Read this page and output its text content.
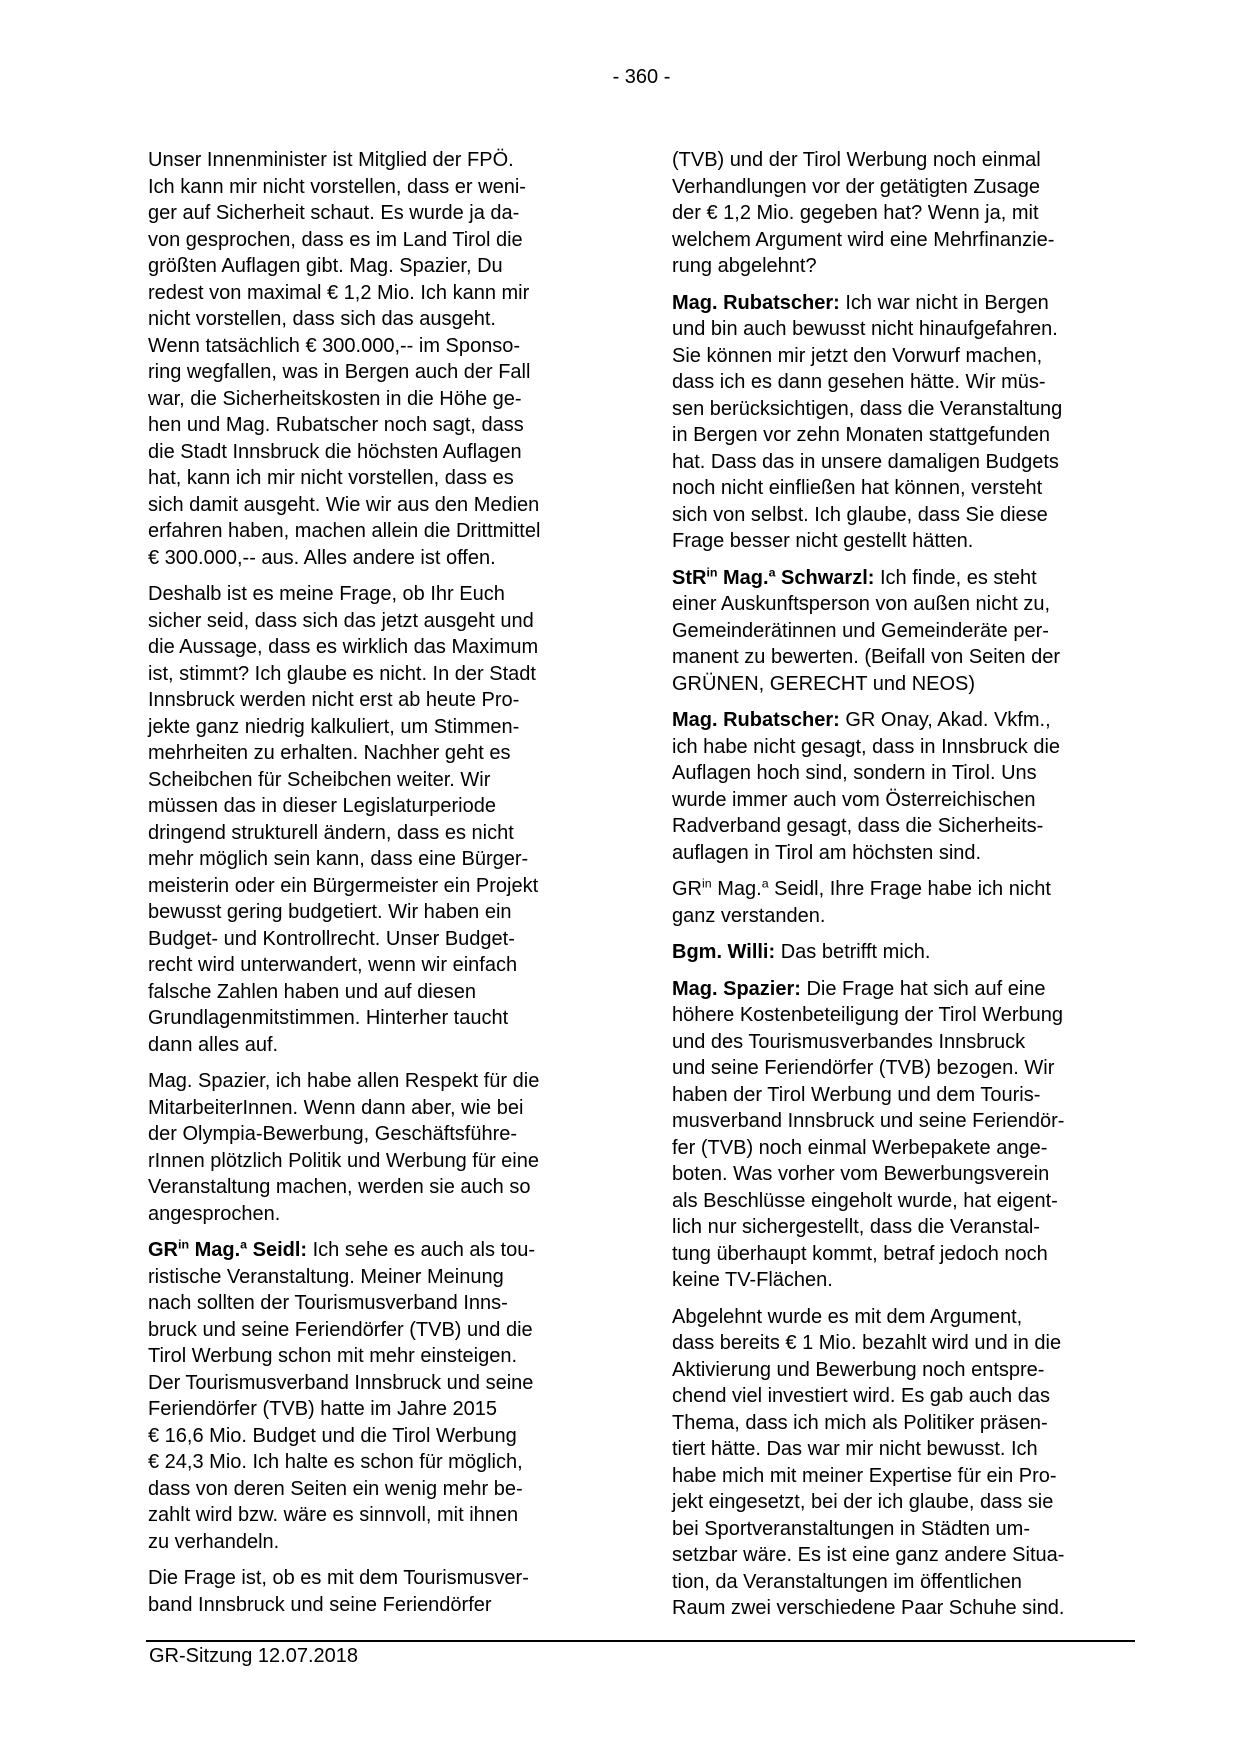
- 360 -
Unser Innenminister ist Mitglied der FPÖ.
Ich kann mir nicht vorstellen, dass er weni-
ger auf Sicherheit schaut. Es wurde ja da-
von gesprochen, dass es im Land Tirol die
größten Auflagen gibt. Mag. Spazier, Du
redest von maximal € 1,2 Mio. Ich kann mir
nicht vorstellen, dass sich das ausgeht.
Wenn tatsächlich € 300.000,-- im Sponso-
ring wegfallen, was in Bergen auch der Fall
war, die Sicherheitskosten in die Höhe ge-
hen und Mag. Rubatscher noch sagt, dass
die Stadt Innsbruck die höchsten Auflagen
hat, kann ich mir nicht vorstellen, dass es
sich damit ausgeht. Wie wir aus den Medien
erfahren haben, machen allein die Drittmittel
€ 300.000,-- aus. Alles andere ist offen.
Deshalb ist es meine Frage, ob Ihr Euch
sicher seid, dass sich das jetzt ausgeht und
die Aussage, dass es wirklich das Maximum
ist, stimmt? Ich glaube es nicht. In der Stadt
Innsbruck werden nicht erst ab heute Pro-
jekte ganz niedrig kalkuliert, um Stimmen-
mehrheiten zu erhalten. Nachher geht es
Scheibchen für Scheibchen weiter. Wir
müssen das in dieser Legislaturperiode
dringend strukturell ändern, dass es nicht
mehr möglich sein kann, dass eine Bürger-
meisterin oder ein Bürgermeister ein Projekt
bewusst gering budgetiert. Wir haben ein
Budget- und Kontrollrecht. Unser Budget-
recht wird unterwandert, wenn wir einfach
falsche Zahlen haben und auf diesen
Grundlagenmitstimmen. Hinterher taucht
dann alles auf.
Mag. Spazier, ich habe allen Respekt für die
MitarbeiterInnen. Wenn dann aber, wie bei
der Olympia-Bewerbung, Geschäftsführe-
rInnen plötzlich Politik und Werbung für eine
Veranstaltung machen, werden sie auch so
angesprochen.
$GR^{in}$ Mag.$^a$ Seidl: Ich sehe es auch als tou-
ristische Veranstaltung. Meiner Meinung
nach sollten der Tourismusverband Inns-
bruck und seine Feriendörfer (TVB) und die
Tirol Werbung schon mit mehr einsteigen.
Der Tourismusverband Innsbruck und seine
Feriendörfer (TVB) hatte im Jahre 2015
€ 16,6 Mio. Budget und die Tirol Werbung
€ 24,3 Mio. Ich halte es schon für möglich,
dass von deren Seiten ein wenig mehr be-
zahlt wird bzw. wäre es sinnvoll, mit ihnen
zu verhandeln.
Die Frage ist, ob es mit dem Tourismusver-
band Innsbruck und seine Feriendörfer
(TVB) und der Tirol Werbung noch einmal
Verhandlungen vor der getätigten Zusage
der € 1,2 Mio. gegeben hat? Wenn ja, mit
welchem Argument wird eine Mehrfinanzie-
rung abgelehnt?
Mag. Rubatscher: Ich war nicht in Bergen
und bin auch bewusst nicht hinaufgefahren.
Sie können mir jetzt den Vorwurf machen,
dass ich es dann gesehen hätte. Wir müs-
sen berücksichtigen, dass die Veranstaltung
in Bergen vor zehn Monaten stattgefunden
hat. Dass das in unsere damaligen Budgets
noch nicht einfließen hat können, versteht
sich von selbst. Ich glaube, dass Sie diese
Frage besser nicht gestellt hätten.
StR$^{in}$ Mag.$^a$ Schwarzl: Ich finde, es steht
einer Auskunftsperson von außen nicht zu,
Gemeinderätinnen und Gemeinderäte per-
manent zu bewerten. (Beifall von Seiten der
GRÜNEN, GERECHT und NEOS)
Mag. Rubatscher: GR Onay, Akad. Vkfm.,
ich habe nicht gesagt, dass in Innsbruck die
Auflagen hoch sind, sondern in Tirol. Uns
wurde immer auch vom Österreichischen
Radverband gesagt, dass die Sicherheits-
auflagen in Tirol am höchsten sind.
$GR^{in}$ Mag.$^a$ Seidl, Ihre Frage habe ich nicht
ganz verstanden.
Bgm. Willi: Das betrifft mich.
Mag. Spazier: Die Frage hat sich auf eine
höhere Kostenbeteiligung der Tirol Werbung
und des Tourismusverbandes Innsbruck
und seine Feriendörfer (TVB) bezogen. Wir
haben der Tirol Werbung und dem Touris-
musverband Innsbruck und seine Feriendör-
fer (TVB) noch einmal Werbepakete ange-
boten. Was vorher vom Bewerbungsverein
als Beschlüsse eingeholt wurde, hat eigent-
lich nur sichergestellt, dass die Veranstal-
tung überhaupt kommt, betraf jedoch noch
keine TV-Flächen.
Abgelehnt wurde es mit dem Argument,
dass bereits € 1 Mio. bezahlt wird und in die
Aktivierung und Bewerbung noch entspre-
chend viel investiert wird. Es gab auch das
Thema, dass ich mich als Politiker präsen-
tiert hätte. Das war mir nicht bewusst. Ich
habe mich mit meiner Expertise für ein Pro-
jekt eingesetzt, bei der ich glaube, dass sie
bei Sportveranstaltungen in Städten um-
setzbar wäre. Es ist eine ganz andere Situa-
tion, da Veranstaltungen im öffentlichen
Raum zwei verschiedene Paar Schuhe sind.
GR-Sitzung 12.07.2018
